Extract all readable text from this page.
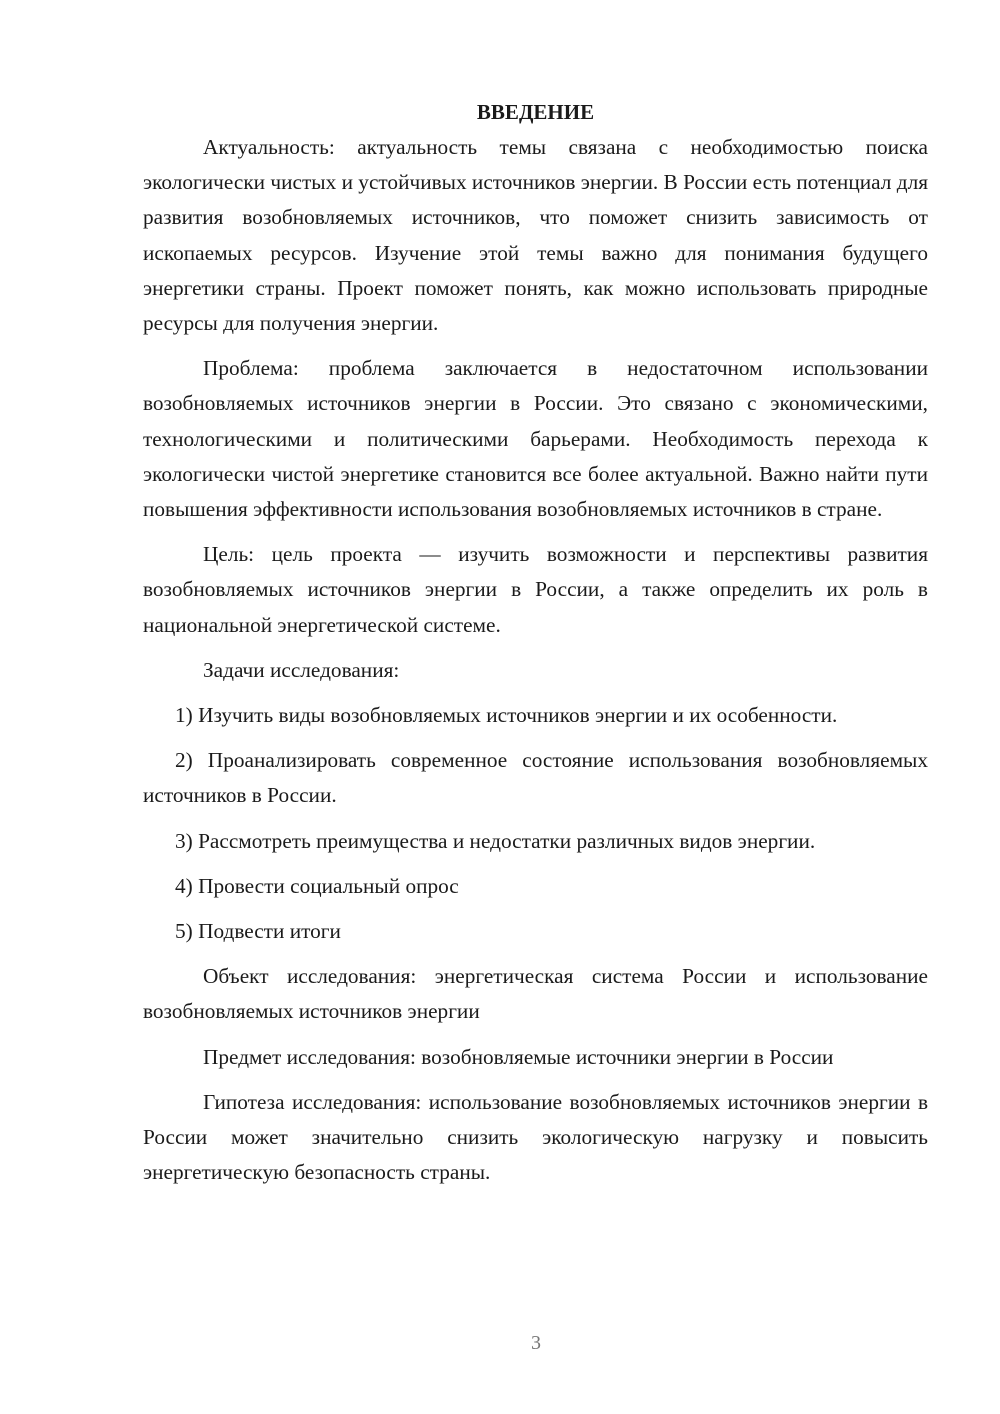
ВВЕДЕНИЕ

Актуальность: актуальность темы связана с необходимостью поиска экологически чистых и устойчивых источников энергии. В России есть потенциал для развития возобновляемых источников, что поможет снизить зависимость от ископаемых ресурсов. Изучение этой темы важно для понимания будущего энергетики страны. Проект поможет понять, как можно использовать природные ресурсы для получения энергии.

Проблема: проблема заключается в недостаточном использовании возобновляемых источников энергии в России. Это связано с экономическими, технологическими и политическими барьерами. Необходимость перехода к экологически чистой энергетике становится все более актуальной. Важно найти пути повышения эффективности использования возобновляемых источников в стране.

Цель: цель проекта — изучить возможности и перспективы развития возобновляемых источников энергии в России, а также определить их роль в национальной энергетической системе.

Задачи исследования:

1) Изучить виды возобновляемых источников энергии и их особенности.

2) Проанализировать современное состояние использования возобновляемых источников в России.

3) Рассмотреть преимущества и недостатки различных видов энергии.

4) Провести социальный опрос

5) Подвести итоги

Объект исследования: энергетическая система России и использование возобновляемых источников энергии

Предмет исследования: возобновляемые источники энергии в России

Гипотеза исследования: использование возобновляемых источников энергии в России может значительно снизить экологическую нагрузку и повысить энергетическую безопасность страны.

3
